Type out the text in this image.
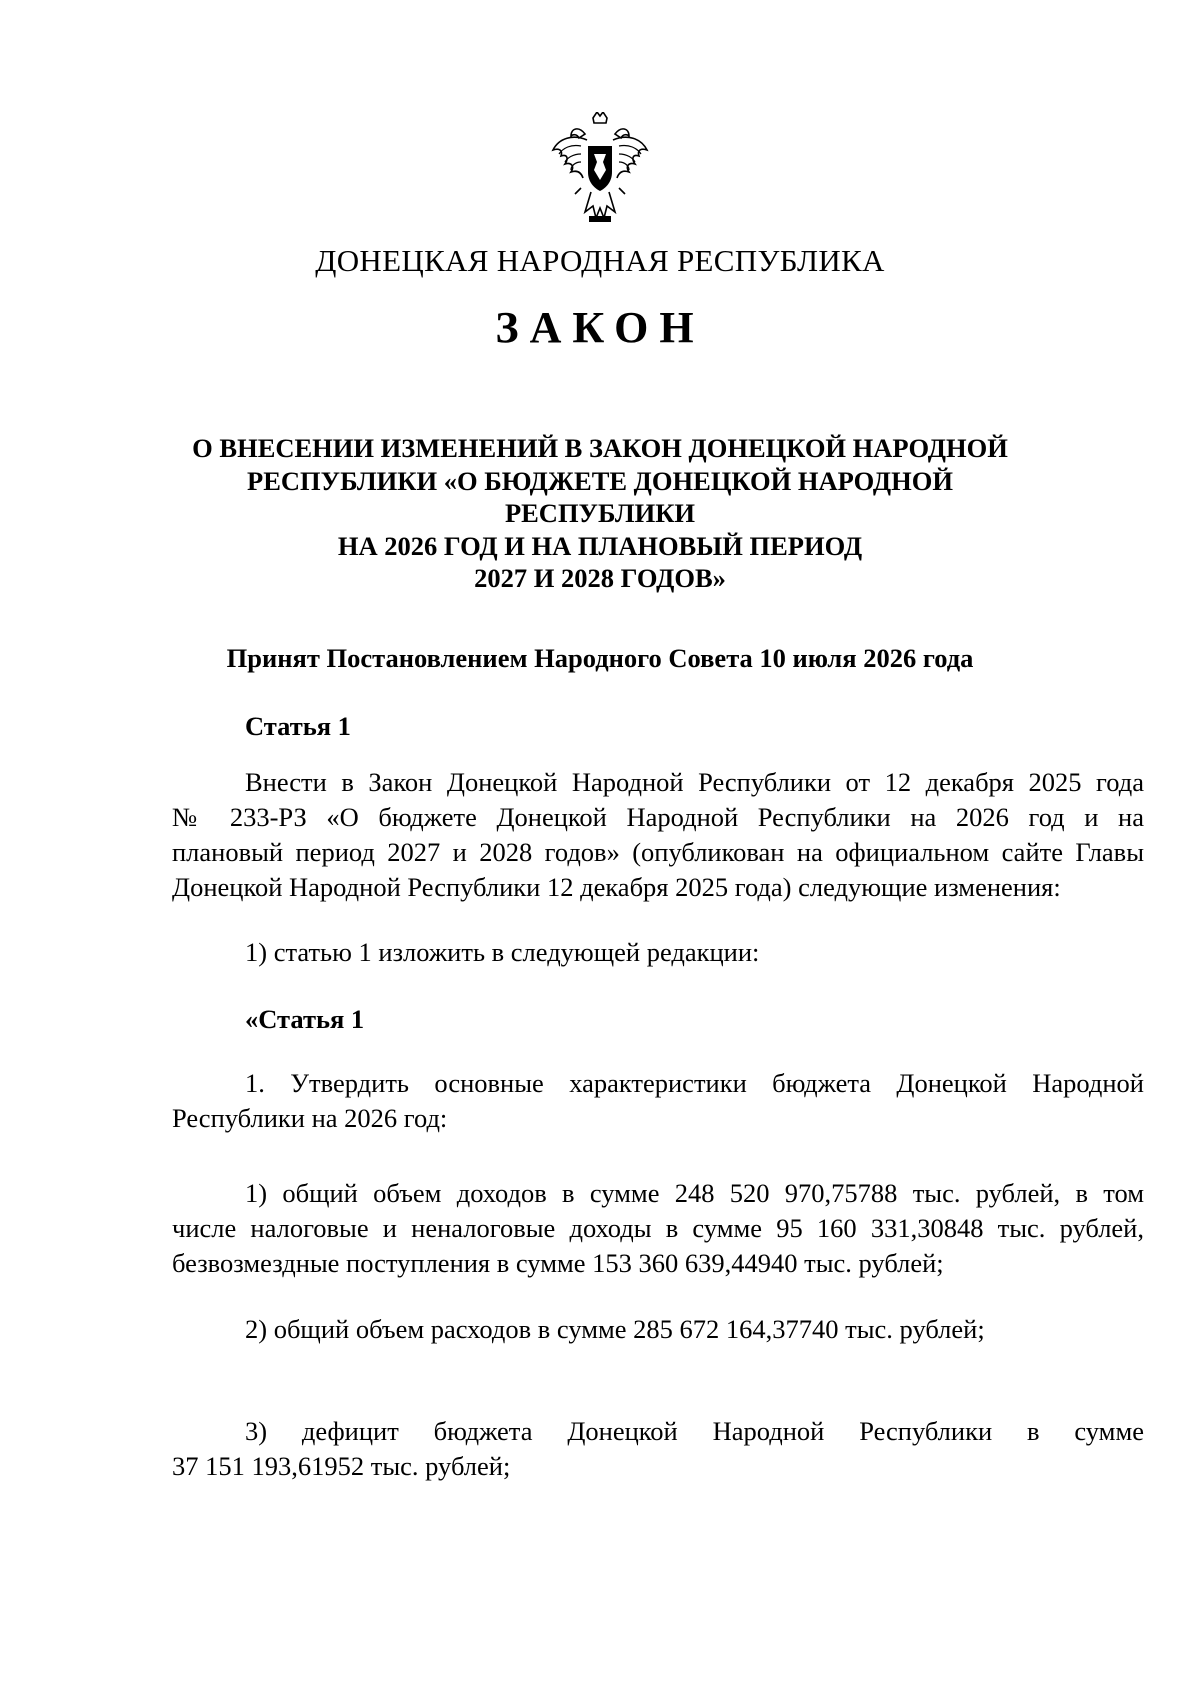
ДОНЕЦКАЯ НАРОДНАЯ РЕСПУБЛИКА
ЗАКОН
О ВНЕСЕНИИ ИЗМЕНЕНИЙ В ЗАКОН ДОНЕЦКОЙ НАРОДНОЙ
РЕСПУБЛИКИ «О БЮДЖЕТЕ ДОНЕЦКОЙ НАРОДНОЙ РЕСПУБЛИКИ
НА 2026 ГОД И НА ПЛАНОВЫЙ ПЕРИОД
2027 И 2028 ГОДОВ»
Принят Постановлением Народного Совета 10 июля 2026 года
Статья 1
Внести в Закон Донецкой Народной Республики от 12 декабря 2025 года
№ 233-РЗ «О бюджете Донецкой Народной Республики на 2026 год и на
плановый период 2027 и 2028 годов» (опубликован на официальном сайте Главы
Донецкой Народной Республики 12 декабря 2025 года) следующие изменения:
1) статью 1 изложить в следующей редакции:
«Статья 1
1. Утвердить основные характеристики бюджета Донецкой Народной
Республики на 2026 год:
1) общий объем доходов в сумме 248 520 970,75788 тыс. рублей, в том
числе налоговые и неналоговые доходы в сумме 95 160 331,30848 тыс. рублей,
безвозмездные поступления в сумме 153 360 639,44940 тыс. рублей;
2) общий объем расходов в сумме 285 672 164,37740 тыс. рублей;
3) дефицит бюджета Донецкой Народной Республики в сумме
37 151 193,61952 тыс. рублей;
